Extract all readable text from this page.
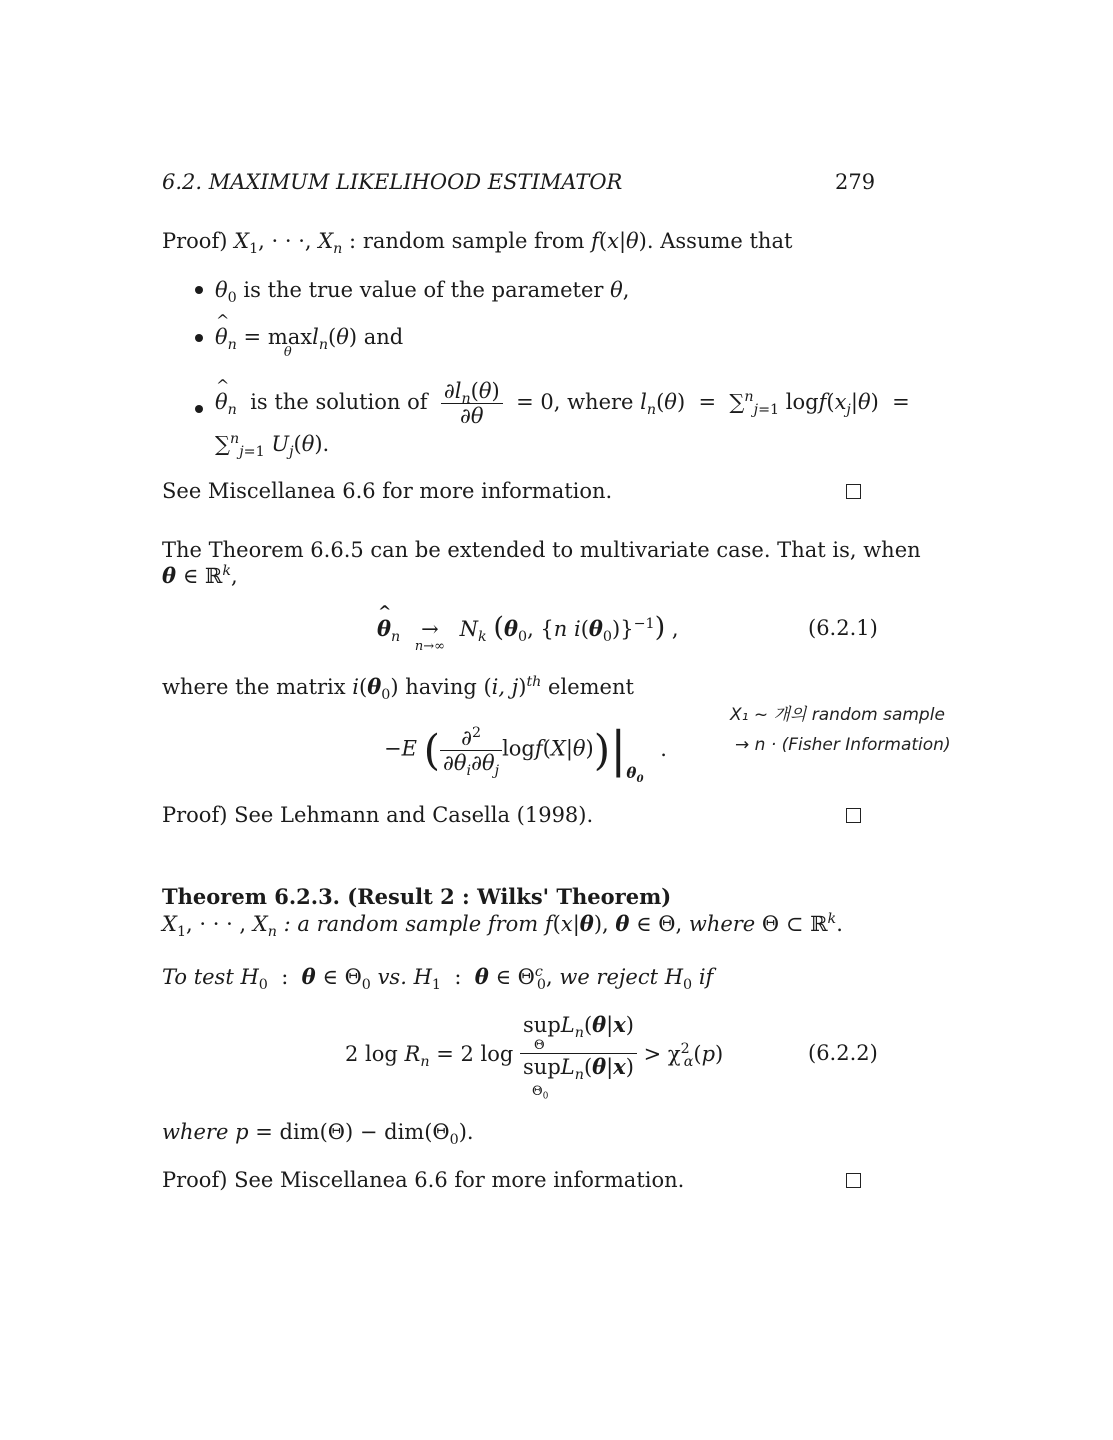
6.2. MAXIMUM LIKELIHOOD ESTIMATOR	279
Proof) $X_1$, · · ·, $X_n$ : random sample from f(x|θ). Assume that
$\theta_0$ is the true value of the parameter θ,
^ $\theta_n = \max$
θ
$l_n(\theta)$ and
^ $\theta_n$ is the solution of $\frac{\partial l_n(\theta)}{\partial\theta} = 0$, where $l_n(\theta) = \sum^n_{j=1}$ $\log f(x_j|\theta)$  =
∑$^n_{j=1}$ $U_j(\theta)$.
See Miscellanea 6.6 for more information.
The Theorem 6.6.5 can be extended to multivariate case. That is, when
θ ∈ ℝ$^k$,
^ $\theta_n$ →
n→∞
$N_k$ ($\theta_0$, {n $i(\theta_0)\}^{-1}$) ,	(6.2.1)
where the matrix $i(\theta_0)$ having (i, j)$^{th}$ element
−E ( $\frac{\partial^2}{\partial\theta_i\partial\theta_j} \log f(X|\theta))|_{\theta_0}$ .
X₁ ~ 개의 random sample
→ n · (Fisher Information)
Proof) See Lehmann and Casella (1998).
Theorem 6.2.3. (Result 2 : Wilks' Theorem)
$X_1$, · · · , $X_n$ : a random sample from f(x|θ), θ ∈ Θ, where Θ ⊂ ℝ$^k$.
To test $H_0$  :  θ ∈ $\Theta_0$ vs. $H_1$  :  θ ∈ $\Theta^c_0$, we reject $H_0$ if
2 $\log R_n = 2$ log supL$_n$(θ|x)
Θ
supL$_n$(θ|x)
$\Theta_0 > \chi^2_\alpha(p)$	(6.2.2)
where $p = dim(\Theta) - dim(\Theta_0)$.
Proof) See Miscellanea 6.6 for more information.
